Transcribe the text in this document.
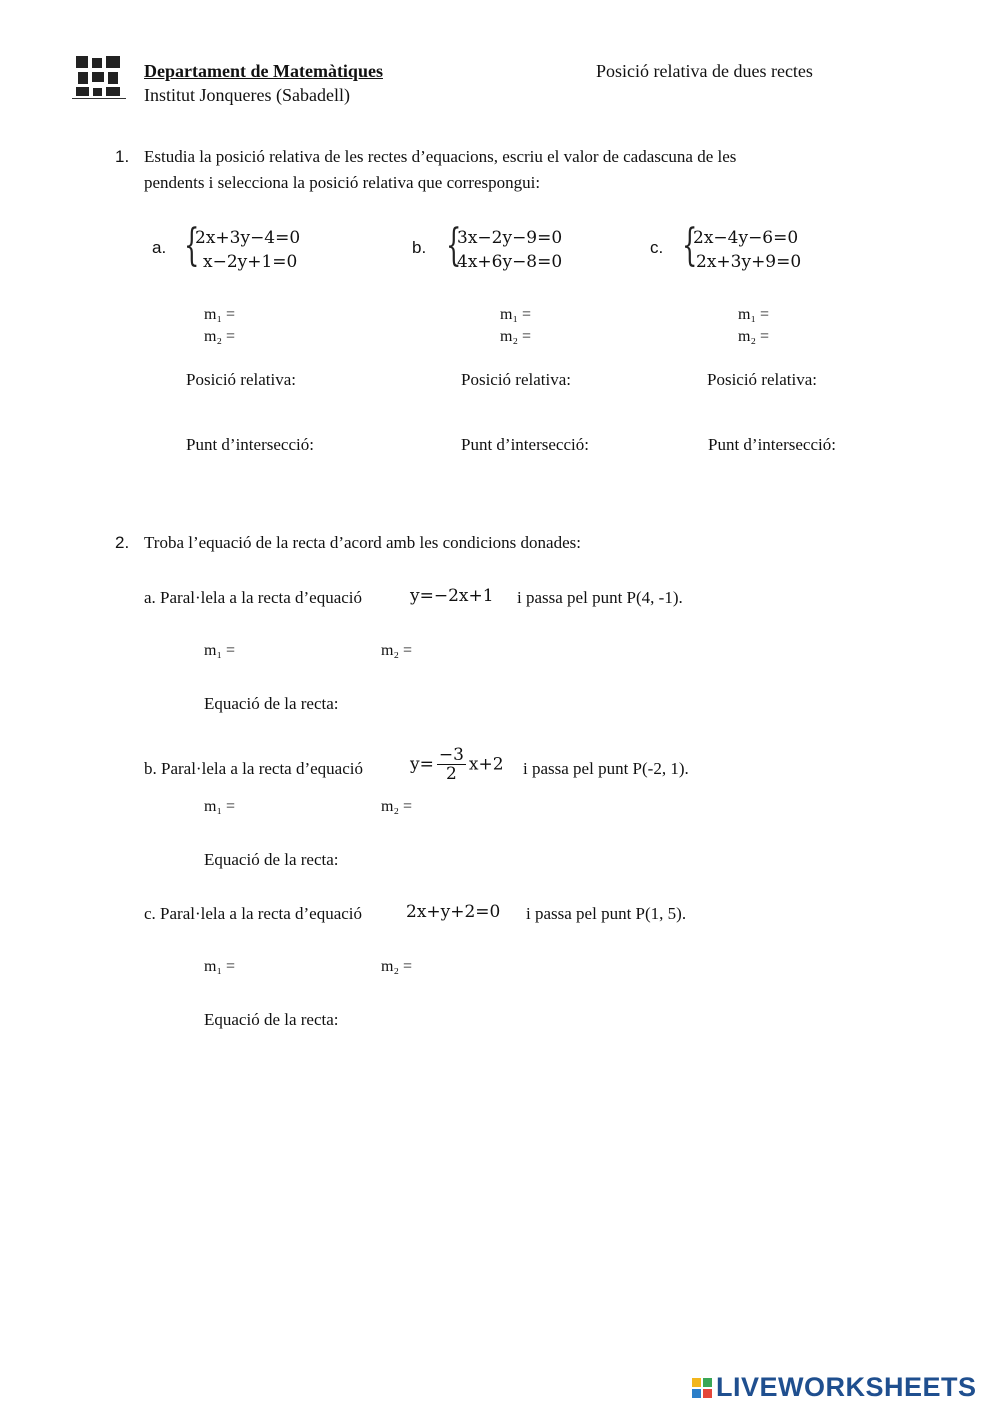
Departament de Matemàtiques
Institut Jonqueres (Sabadell)
Posició relativa de dues rectes
1. Estudia la posició relativa de les rectes d’equacions, escriu el valor de cadascuna de les
pendents i selecciona la posició relativa que correspongui:
a. {
2x+3y−4=0
x−2y+1=0
m₁ =
m₂ =
Posició relativa:
Punt d’intersecció:
b. {
3x−2y−9=0
4x+6y−8=0
m₁ =
m₂ =
Posició relativa:
Punt d’intersecció:
c. {
2x−4y−6=0
2x+3y+9=0
m₁ =
m₂ =
Posició relativa:
Punt d’intersecció:
2. Troba l’equació de la recta d’acord amb les condicions donades:
a. Paral·lela a la recta d’equació	y=−2x+1 i passa pel punt P(4, -1).
m₁ =	m₂ =
Equació de la recta:
b. Paral·lela a la recta d’equació	$y= \frac{-3}{2} x+2$ i passa pel punt P(-2, 1).
m₁ =	m₂ =
Equació de la recta:
c. Paral·lela a la recta d’equació	2x+y+2=0 i passa pel punt P(1, 5).
m₁ =	m₂ =
Equació de la recta:
LIVEWORKSHEETS
